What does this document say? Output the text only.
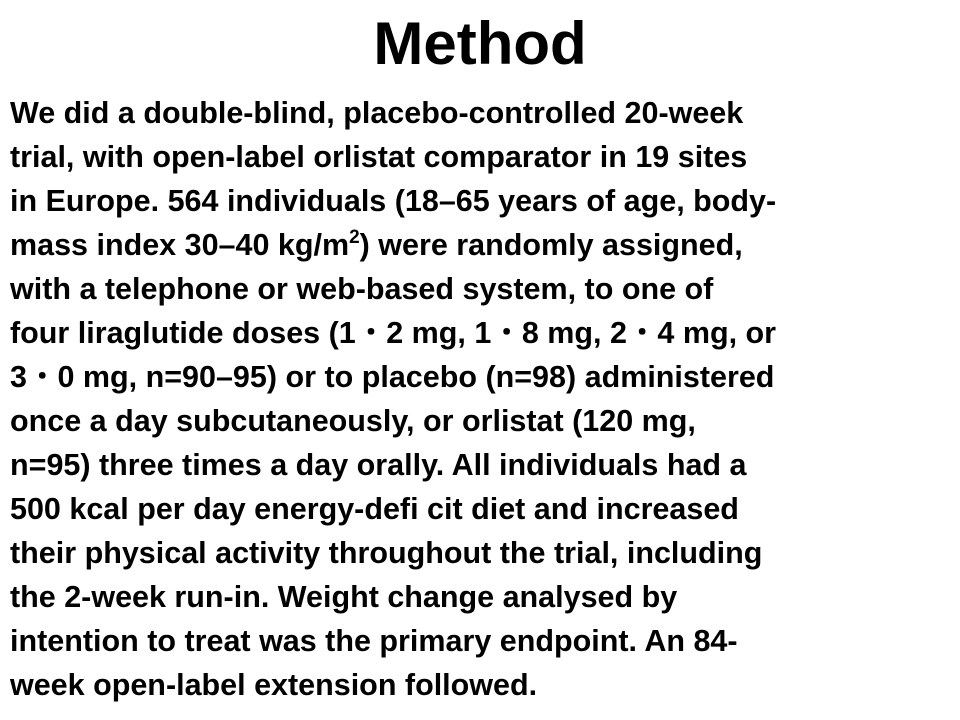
Method
We did a double-blind, placebo-controlled 20-week
trial, with open-label orlistat comparator in 19 sites
in Europe. 564 individuals (18–65 years of age, body-
mass index 30–40 $kg/m^2$) were randomly assigned,
with a telephone or web-based system, to one of
four liraglutide doses (1・2 mg, 1・8 mg, 2・4 mg, or
3・0 mg, n=90–95) or to placebo (n=98) administered
once a day subcutaneously, or orlistat (120 mg,
n=95) three times a day orally. All individuals had a
500 kcal per day energy-defi cit diet and increased
their physical activity throughout the trial, including
the 2-week run-in. Weight change analysed by
intention to treat was the primary endpoint. An 84-
week open-label extension followed.
